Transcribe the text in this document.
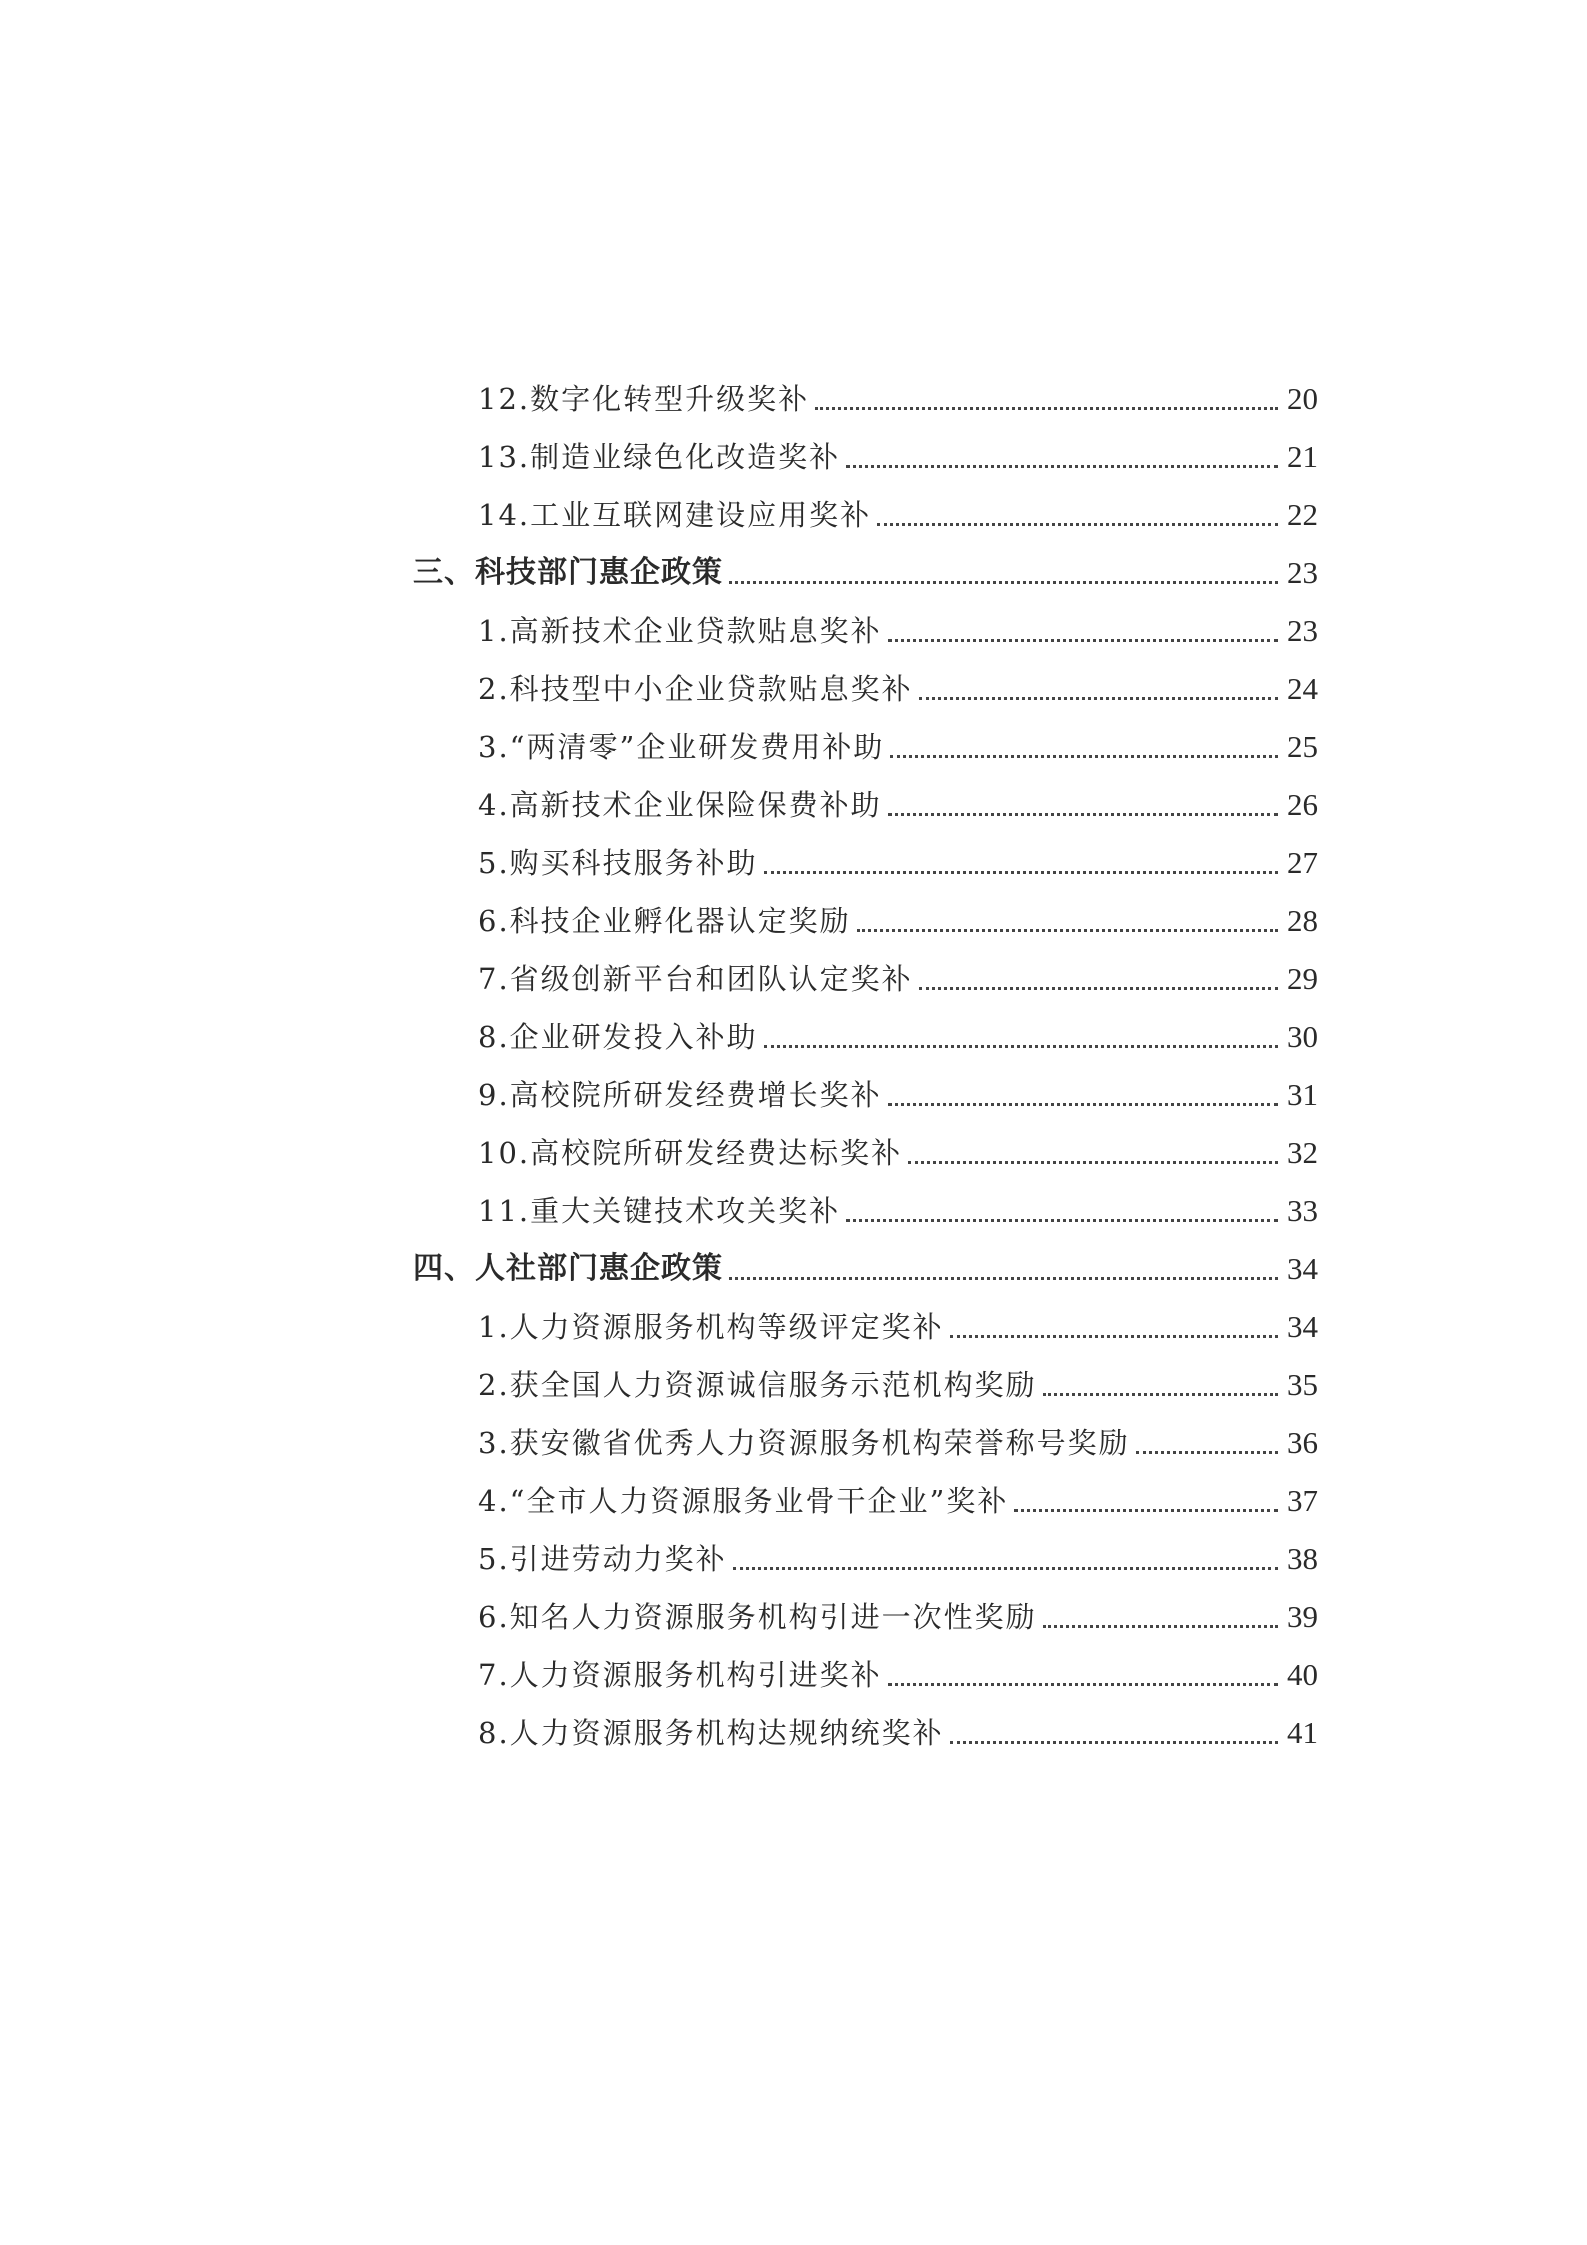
12.数字化转型升级奖补	20
13.制造业绿色化改造奖补	21
14.工业互联网建设应用奖补	22
三、科技部门惠企政策	23
1.高新技术企业贷款贴息奖补	23
2.科技型中小企业贷款贴息奖补	24
3.“两清零”企业研发费用补助	25
4.高新技术企业保险保费补助	26
5.购买科技服务补助	27
6.科技企业孵化器认定奖励	28
7.省级创新平台和团队认定奖补	29
8.企业研发投入补助	30
9.高校院所研发经费增长奖补	31
10.高校院所研发经费达标奖补	32
11.重大关键技术攻关奖补	33
四、人社部门惠企政策	34
1.人力资源服务机构等级评定奖补	34
2.获全国人力资源诚信服务示范机构奖励	35
3.获安徽省优秀人力资源服务机构荣誉称号奖励	36
4.“全市人力资源服务业骨干企业”奖补	37
5.引进劳动力奖补	38
6.知名人力资源服务机构引进一次性奖励	39
7.人力资源服务机构引进奖补	40
8.人力资源服务机构达规纳统奖补	41
